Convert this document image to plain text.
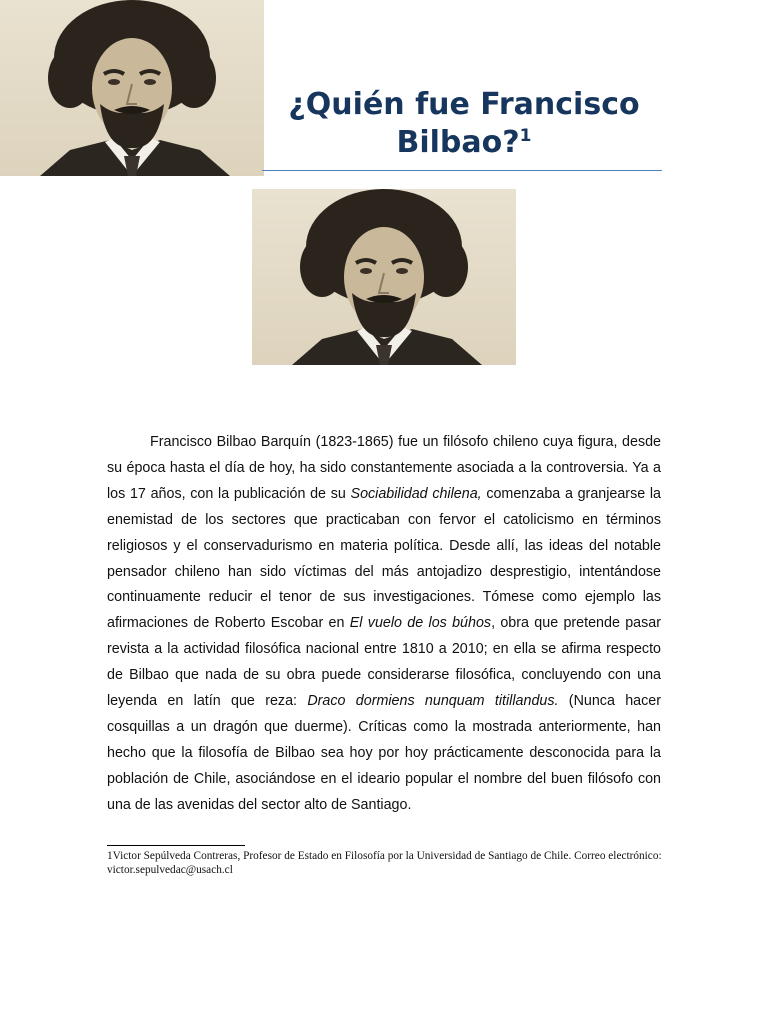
¿Quién fue Francisco Bilbao?$^1$

Francisco Bilbao Barquín (1823-1865) fue un filósofo chileno cuya figura, desde su época hasta el día de hoy, ha sido constantemente asociada a la controversia. Ya a los 17 años, con la publicación de su Sociabilidad chilena, comenzaba a granjearse la enemistad de los sectores que practicaban con fervor el catolicismo en términos religiosos y el conservadurismo en materia política. Desde allí, las ideas del notable pensador chileno han sido víctimas del más antojadizo desprestigio, intentándose continuamente reducir el tenor de sus investigaciones. Tómese como ejemplo las afirmaciones de Roberto Escobar en El vuelo de los búhos, obra que pretende pasar revista a la actividad filosófica nacional entre 1810 a 2010; en ella se afirma respecto de Bilbao que nada de su obra puede considerarse filosófica, concluyendo con una leyenda en latín que reza: Draco dormiens nunquam titillandus. (Nunca hacer cosquillas a un dragón que duerme). Críticas como la mostrada anteriormente, han hecho que la filosofía de Bilbao sea hoy por hoy prácticamente desconocida para la población de Chile, asociándose en el ideario popular el nombre del buen filósofo con una de las avenidas del sector alto de Santiago.

1Victor Sepúlveda Contreras, Profesor de Estado en Filosofía por la Universidad de Santiago de Chile. Correo electrónico: victor.sepulvedac@usach.cl
